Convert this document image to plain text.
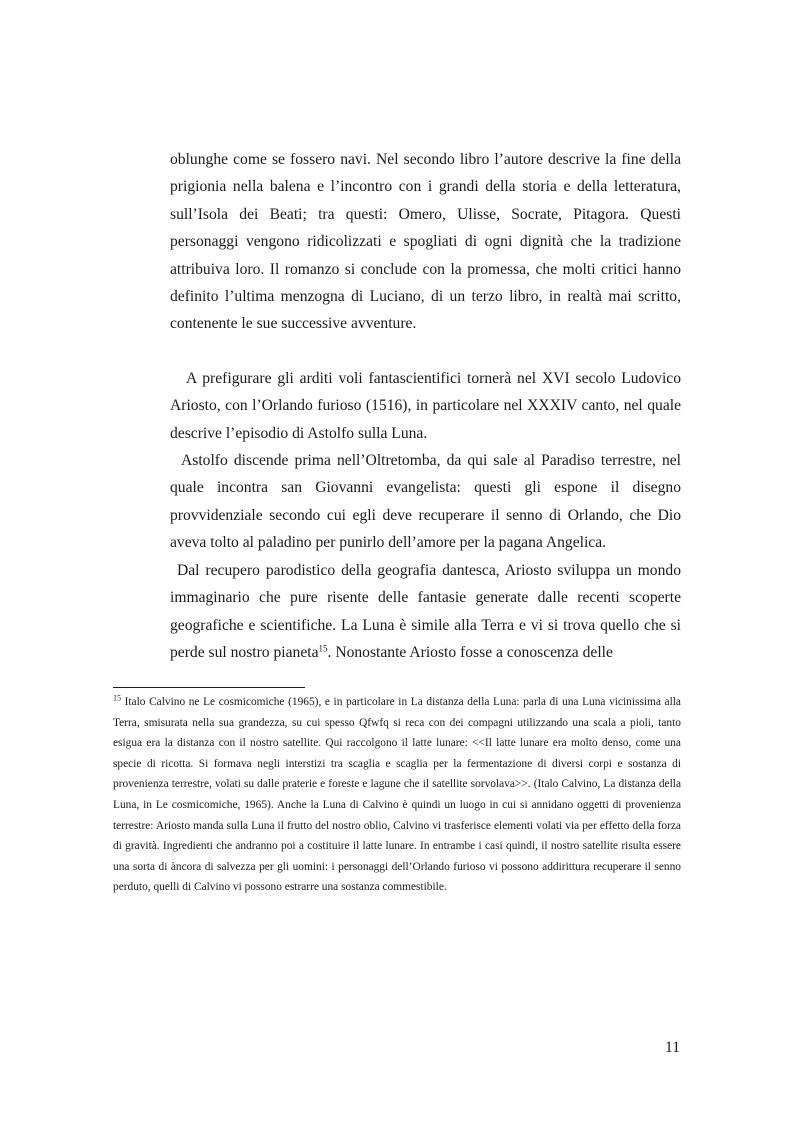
oblunghe come se fossero navi. Nel secondo libro l’autore descrive la fine della prigionia nella balena e l’incontro con i grandi della storia e della letteratura, sull’Isola dei Beati; tra questi: Omero, Ulisse, Socrate, Pitagora. Questi personaggi vengono ridicolizzati e spogliati di ogni dignità che la tradizione attribuiva loro. Il romanzo si conclude con la promessa, che molti critici hanno definito l’ultima menzogna di Luciano, di un terzo libro, in realtà mai scritto, contenente le sue successive avventure.

A prefigurare gli arditi voli fantascientifici tornerà nel XVI secolo Ludovico Ariosto, con l’Orlando furioso (1516), in particolare nel XXXIV canto, nel quale descrive l’episodio di Astolfo sulla Luna.

Astolfo discende prima nell’Oltretomba, da qui sale al Paradiso terrestre, nel quale incontra san Giovanni evangelista: questi gli espone il disegno provvidenziale secondo cui egli deve recuperare il senno di Orlando, che Dio aveva tolto al paladino per punirlo dell’amore per la pagana Angelica.

Dal recupero parodistico della geografia dantesca, Ariosto sviluppa un mondo immaginario che pure risente delle fantasie generate dalle recenti scoperte geografiche e scientifiche. La Luna è simile alla Terra e vi si trova quello che si perde sul nostro pianeta$^{15}$. Nonostante Ariosto fosse a conoscenza delle

$^{15}$ Italo Calvino ne Le cosmicomiche (1965), e in particolare in La distanza della Luna: parla di una Luna vicinissima alla Terra, smisurata nella sua grandezza, su cui spesso Qfwfq si reca con dei compagni utilizzando una scala a pioli, tanto esigua era la distanza con il nostro satellite. Qui raccolgono il latte lunare: <<Il latte lunare era molto denso, come una specie di ricotta. Si formava negli interstizi tra scaglia e scaglia per la fermentazione di diversi corpi e sostanza di provenienza terrestre, volati su dalle praterie e foreste e lagune che il satellite sorvolava>>. (Italo Calvino, La distanza della Luna, in Le cosmicomiche, 1965). Anche la Luna di Calvino è quindi un luogo in cui si annidano oggetti di provenienza terrestre: Ariosto manda sulla Luna il frutto del nostro oblio, Calvino vi trasferisce elementi volati via per effetto della forza di gravità. Ingredienti che andranno poi a costituire il latte lunare. In entrambe i casi quindi, il nostro satellite risulta essere una sorta di àncora di salvezza per gli uomini: i personaggi dell’Orlando furioso vi possono addirittura recuperare il senno perduto, quelli di Calvino vi possono estrarre una sostanza commestibile.

11
